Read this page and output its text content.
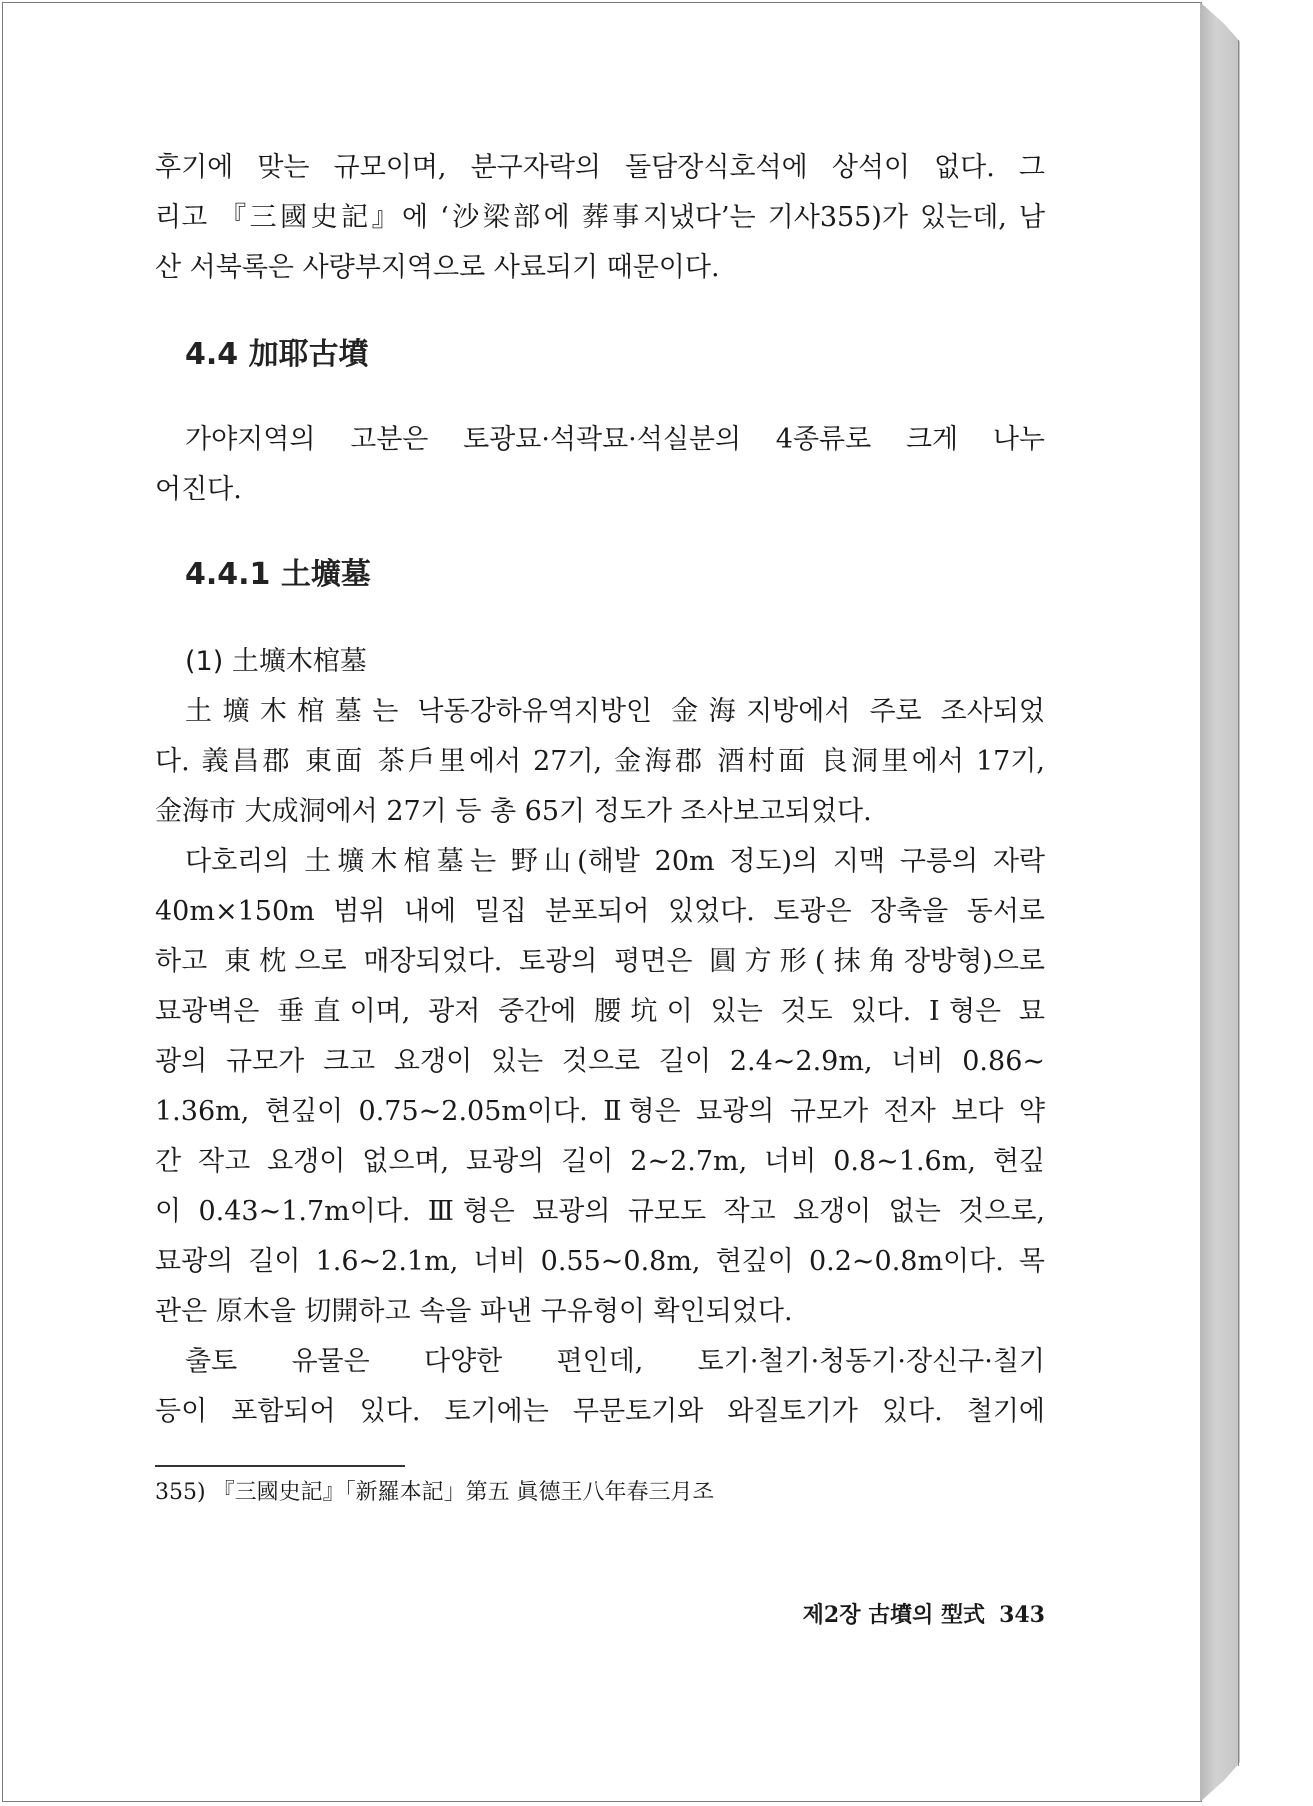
후기에 맞는 규모이며, 분구자락의 돌담장식호석에 상석이 없다. 그
리고 『三國史記』에 ‘沙梁部에 葬事지냈다’는 기사355)가 있는데, 남
산 서북록은 사량부지역으로 사료되기 때문이다.

4.4 加耶古墳

가야지역의 고분은 토광묘·석곽묘·석실분의 4종류로 크게 나누
어진다.

4.4.1 土壙墓

(1) 土壙木棺墓

土壙木棺墓는 낙동강하유역지방인 金海지방에서 주로 조사되었
다. 義昌郡 東面 茶戶里에서 27기, 金海郡 酒村面 良洞里에서 17기,
金海市 大成洞에서 27기 등 총 65기 정도가 조사보고되었다.

다호리의 土壙木棺墓는 野山(해발 20m 정도)의 지맥 구릉의 자락
40m×150m 범위 내에 밀집 분포되어 있었다. 토광은 장축을 동서로
하고 東枕으로 매장되었다. 토광의 평면은 圓方形(抹角장방형)으로
묘광벽은 垂直이며, 광저 중간에 腰坑이 있는 것도 있다. Ⅰ형은 묘
광의 규모가 크고 요갱이 있는 것으로 길이 2.4~2.9m, 너비 0.86~
1.36m, 현깊이 0.75~2.05m이다. Ⅱ형은 묘광의 규모가 전자 보다 약
간 작고 요갱이 없으며, 묘광의 길이 2~2.7m, 너비 0.8~1.6m, 현깊
이 0.43~1.7m이다. Ⅲ형은 묘광의 규모도 작고 요갱이 없는 것으로,
묘광의 길이 1.6~2.1m, 너비 0.55~0.8m, 현깊이 0.2~0.8m이다. 목
관은 原木을 切開하고 속을 파낸 구유형이 확인되었다.

출토 유물은 다양한 편인데, 토기·철기·청동기·장신구·칠기
등이 포함되어 있다. 토기에는 무문토기와 와질토기가 있다. 철기에

355) 『三國史記』「新羅本記」第五 眞德王八年春三月조

제2장 古墳의 型式 343
